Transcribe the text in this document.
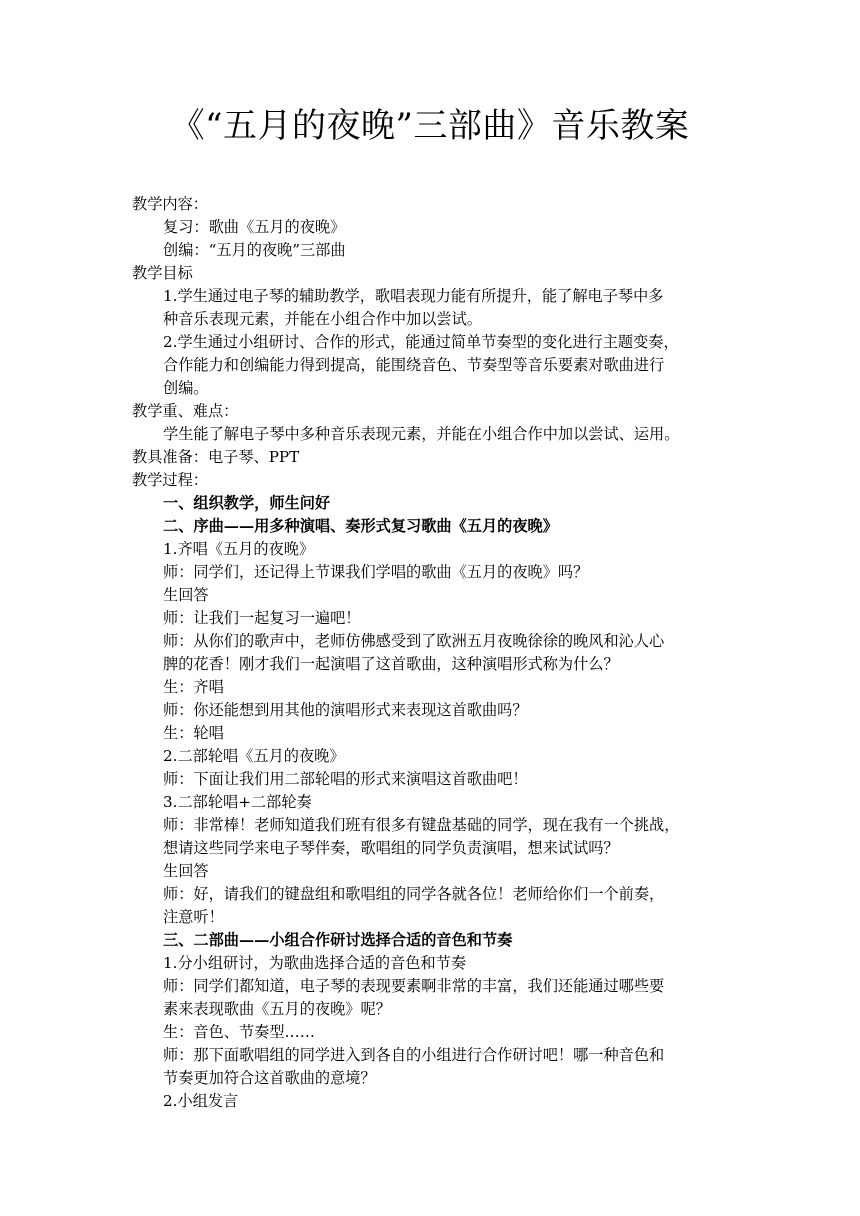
《“五月的夜晚”三部曲》音乐教案

教学内容：

复习：歌曲《五月的夜晚》

创编：“五月的夜晚”三部曲

教学目标

1.学生通过电子琴的辅助教学，歌唱表现力能有所提升，能了解电子琴中多

种音乐表现元素，并能在小组合作中加以尝试。

2.学生通过小组研讨、合作的形式，能通过简单节奏型的变化进行主题变奏，

合作能力和创编能力得到提高，能围绕音色、节奏型等音乐要素对歌曲进行

创编。

教学重、难点：

学生能了解电子琴中多种音乐表现元素，并能在小组合作中加以尝试、运用。

教具准备：电子琴、PPT

教学过程：

一、组织教学，师生问好

二、序曲——用多种演唱、奏形式复习歌曲《五月的夜晚》

1.齐唱《五月的夜晚》

师：同学们，还记得上节课我们学唱的歌曲《五月的夜晚》吗？

生回答

师：让我们一起复习一遍吧！

师：从你们的歌声中，老师仿佛感受到了欧洲五月夜晚徐徐的晚风和沁人心

脾的花香！刚才我们一起演唱了这首歌曲，这种演唱形式称为什么？

生：齐唱

师：你还能想到用其他的演唱形式来表现这首歌曲吗？

生：轮唱

2.二部轮唱《五月的夜晚》

师：下面让我们用二部轮唱的形式来演唱这首歌曲吧！

3.二部轮唱+二部轮奏

师：非常棒！老师知道我们班有很多有键盘基础的同学，现在我有一个挑战，

想请这些同学来电子琴伴奏，歌唱组的同学负责演唱，想来试试吗？

生回答

师：好，请我们的键盘组和歌唱组的同学各就各位！老师给你们一个前奏，

注意听！

三、二部曲——小组合作研讨选择合适的音色和节奏

1.分小组研讨，为歌曲选择合适的音色和节奏

师：同学们都知道，电子琴的表现要素啊非常的丰富，我们还能通过哪些要

素来表现歌曲《五月的夜晚》呢？

生：音色、节奏型……

师：那下面歌唱组的同学进入到各自的小组进行合作研讨吧！哪一种音色和

节奏更加符合这首歌曲的意境？

2.小组发言
